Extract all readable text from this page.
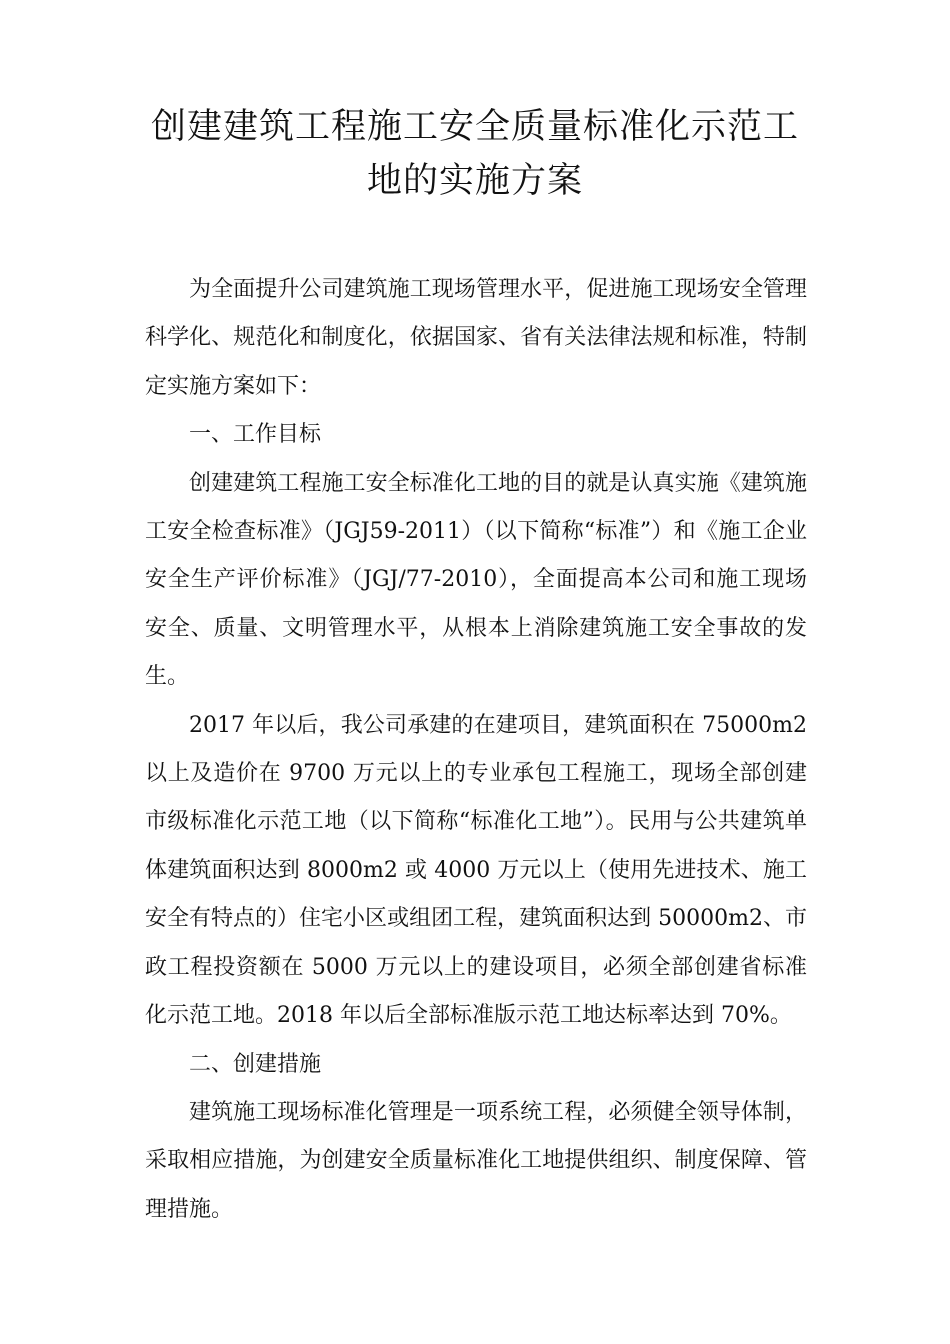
创建建筑工程施工安全质量标准化示范工
地的实施方案

为全面提升公司建筑施工现场管理水平，促进施工现场安全管理科学化、规范化和制度化，依据国家、省有关法律法规和标准，特制定实施方案如下：

一、工作目标

创建建筑工程施工安全标准化工地的目的就是认真实施《建筑施工安全检查标准》（JGJ59-2011）（以下简称“标准”）和《施工企业安全生产评价标准》（JGJ/77-2010），全面提高本公司和施工现场安全、质量、文明管理水平，从根本上消除建筑施工安全事故的发生。

2017 年以后，我公司承建的在建项目，建筑面积在 75000m2 以上及造价在 9700 万元以上的专业承包工程施工，现场全部创建市级标准化示范工地（以下简称“标准化工地”）。民用与公共建筑单体建筑面积达到 8000m2 或 4000 万元以上（使用先进技术、施工安全有特点的）住宅小区或组团工程，建筑面积达到 50000m2、市政工程投资额在 5000 万元以上的建设项目，必须全部创建省标准化示范工地。2018 年以后全部标准版示范工地达标率达到 70%。

二、创建措施

建筑施工现场标准化管理是一项系统工程，必须健全领导体制，采取相应措施，为创建安全质量标准化工地提供组织、制度保障、管理措施。
